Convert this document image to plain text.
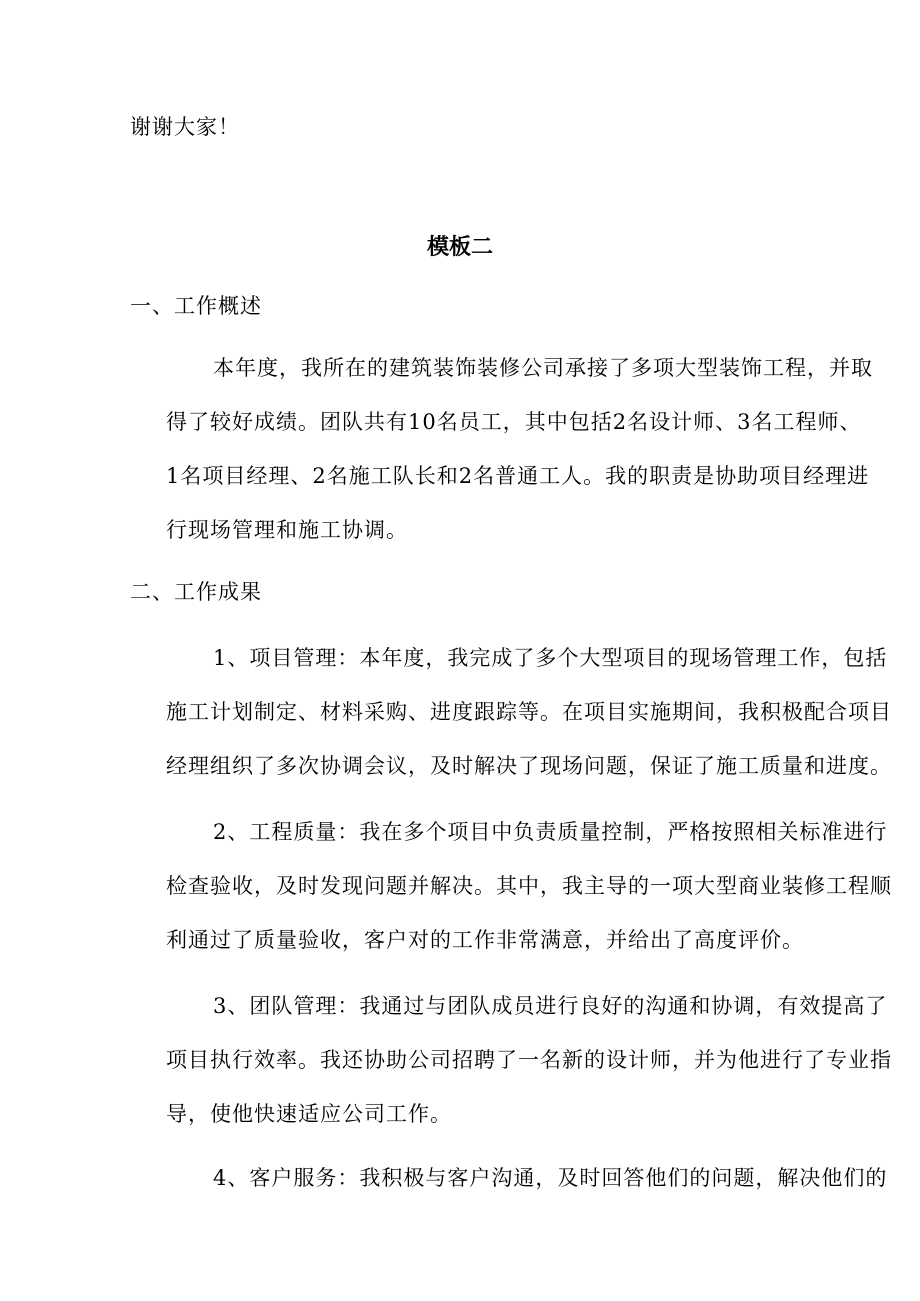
谢谢大家！
模板二
一、工作概述
本年度，我所在的建筑装饰装修公司承接了多项大型装饰工程，并取
得了较好成绩。团队共有10名员工，其中包括2名设计师、3名工程师、
1名项目经理、2名施工队长和2名普通工人。我的职责是协助项目经理进
行现场管理和施工协调。
二、工作成果
1、项目管理：本年度，我完成了多个大型项目的现场管理工作，包括
施工计划制定、材料采购、进度跟踪等。在项目实施期间，我积极配合项目
经理组织了多次协调会议，及时解决了现场问题，保证了施工质量和进度。
2、工程质量：我在多个项目中负责质量控制，严格按照相关标准进行
检查验收，及时发现问题并解决。其中，我主导的一项大型商业装修工程顺
利通过了质量验收，客户对的工作非常满意，并给出了高度评价。
3、团队管理：我通过与团队成员进行良好的沟通和协调，有效提高了
项目执行效率。我还协助公司招聘了一名新的设计师，并为他进行了专业指
导，使他快速适应公司工作。
4、客户服务：我积极与客户沟通，及时回答他们的问题，解决他们的
